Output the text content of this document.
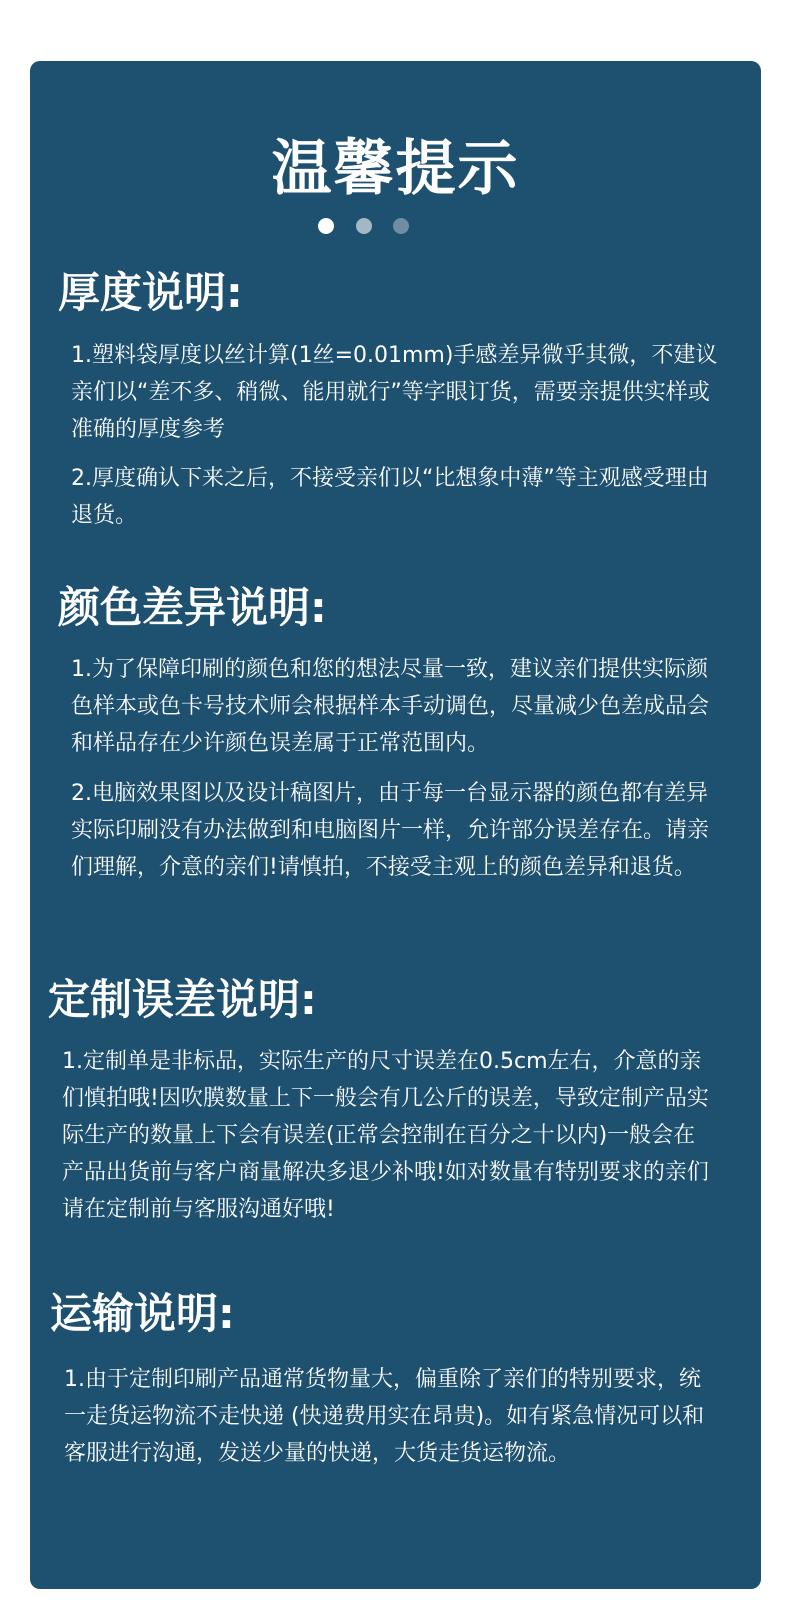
温馨提示
厚度说明:

1.塑料袋厚度以丝计算(1丝=0.01mm)手感差异微乎其微，不建议亲们以“差不多、稍微、能用就行”等字眼订货，需要亲提供实样或准确的厚度参考

2.厚度确认下来之后，不接受亲们以“比想象中薄”等主观感受理由退货。

颜色差异说明:

1.为了保障印刷的颜色和您的想法尽量一致，建议亲们提供实际颜色样本或色卡号技术师会根据样本手动调色，尽量减少色差成品会和样品存在少许颜色误差属于正常范围内。

2.电脑效果图以及设计稿图片，由于每一台显示器的颜色都有差异实际印刷没有办法做到和电脑图片一样，允许部分误差存在。请亲们理解，介意的亲们!请慎拍，不接受主观上的颜色差异和退货。

定制误差说明:

1.定制单是非标品，实际生产的尺寸误差在0.5cm左右，介意的亲们慎拍哦!因吹膜数量上下一般会有几公斤的误差，导致定制产品实际生产的数量上下会有误差(正常会控制在百分之十以内)一般会在产品出货前与客户商量解决多退少补哦!如对数量有特别要求的亲们请在定制前与客服沟通好哦!

运输说明:

1.由于定制印刷产品通常货物量大，偏重除了亲们的特别要求，统一走货运物流不走快递 (快递费用实在昂贵)。如有紧急情况可以和客服进行沟通，发送少量的快递，大货走货运物流。
